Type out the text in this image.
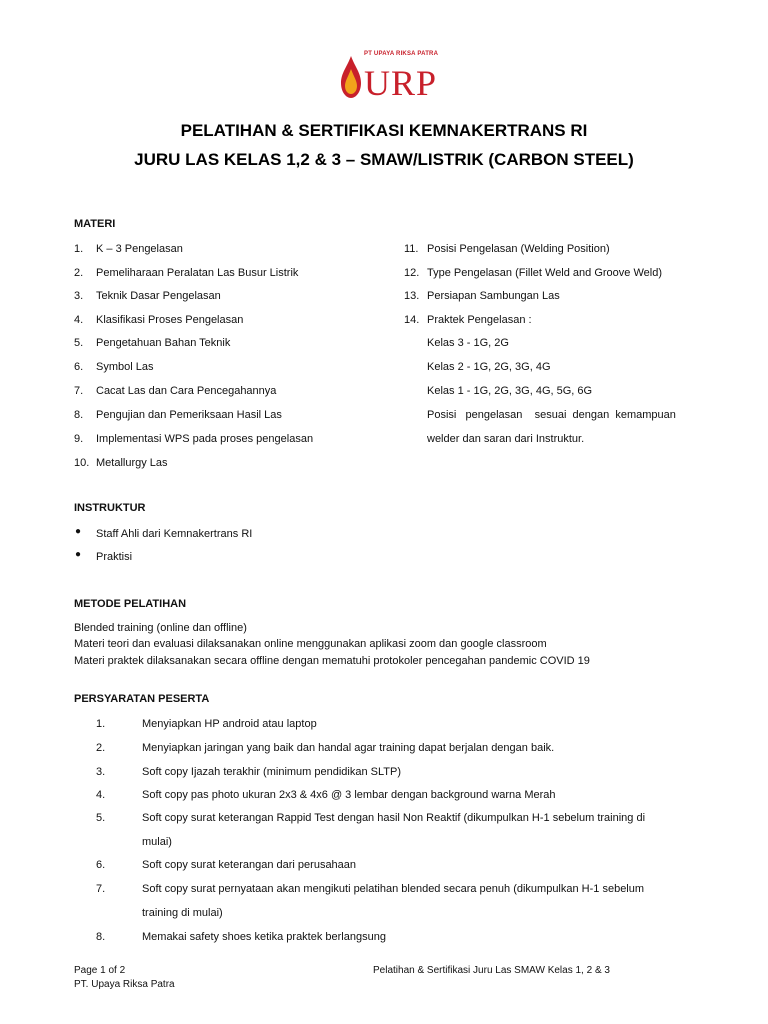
PT UPAYA RIKSA PATRA
URP
PELATIHAN & SERTIFIKASI KEMNAKERTRANS RI
JURU LAS KELAS 1,2 & 3 – SMAW/LISTRIK (CARBON STEEL)
MATERI
1. K – 3 Pengelasan
2. Pemeliharaan Peralatan Las Busur Listrik
3. Teknik Dasar Pengelasan
4. Klasifikasi Proses Pengelasan
5. Pengetahuan Bahan Teknik
6. Symbol Las
7. Cacat Las dan Cara Pencegahannya
8. Pengujian dan Pemeriksaan Hasil Las
9. Implementasi WPS pada proses pengelasan
10. Metallurgy Las
11. Posisi Pengelasan (Welding Position)
12. Type Pengelasan (Fillet Weld and Groove Weld)
13. Persiapan Sambungan Las
14. Praktek Pengelasan :
Kelas 3 - 1G, 2G
Kelas 2 - 1G, 2G, 3G, 4G
Kelas 1 - 1G, 2G, 3G, 4G, 5G, 6G
Posisi   pengelasan    sesuai  dengan  kemampuan
welder dan saran dari Instruktur.
INSTRUKTUR
● Staff Ahli dari Kemnakertrans RI
● Praktisi
METODE PELATIHAN
Blended training (online dan offline)
Materi teori dan evaluasi dilaksanakan online menggunakan aplikasi zoom dan google classroom
Materi praktek dilaksanakan secara offline dengan mematuhi protokoler pencegahan pandemic COVID 19
PERSYARATAN PESERTA
1.	Menyiapkan HP android atau laptop
2.	Menyiapkan jaringan yang baik dan handal agar training dapat berjalan dengan baik.
3.	Soft copy Ijazah terakhir (minimum pendidikan SLTP)
4.	Soft copy pas photo ukuran 2x3 & 4x6 @ 3 lembar dengan background warna Merah
5.	Soft copy surat keterangan Rappid Test dengan hasil Non Reaktif (dikumpulkan H-1 sebelum training di
mulai)
6.	Soft copy surat keterangan dari perusahaan
7.	Soft copy surat pernyataan akan mengikuti pelatihan blended secara penuh (dikumpulkan H-1 sebelum
training di mulai)
8.	Memakai safety shoes ketika praktek berlangsung
Page 1 of 2
PT. Upaya Riksa Patra
Pelatihan & Sertifikasi Juru Las SMAW Kelas 1, 2 & 3
